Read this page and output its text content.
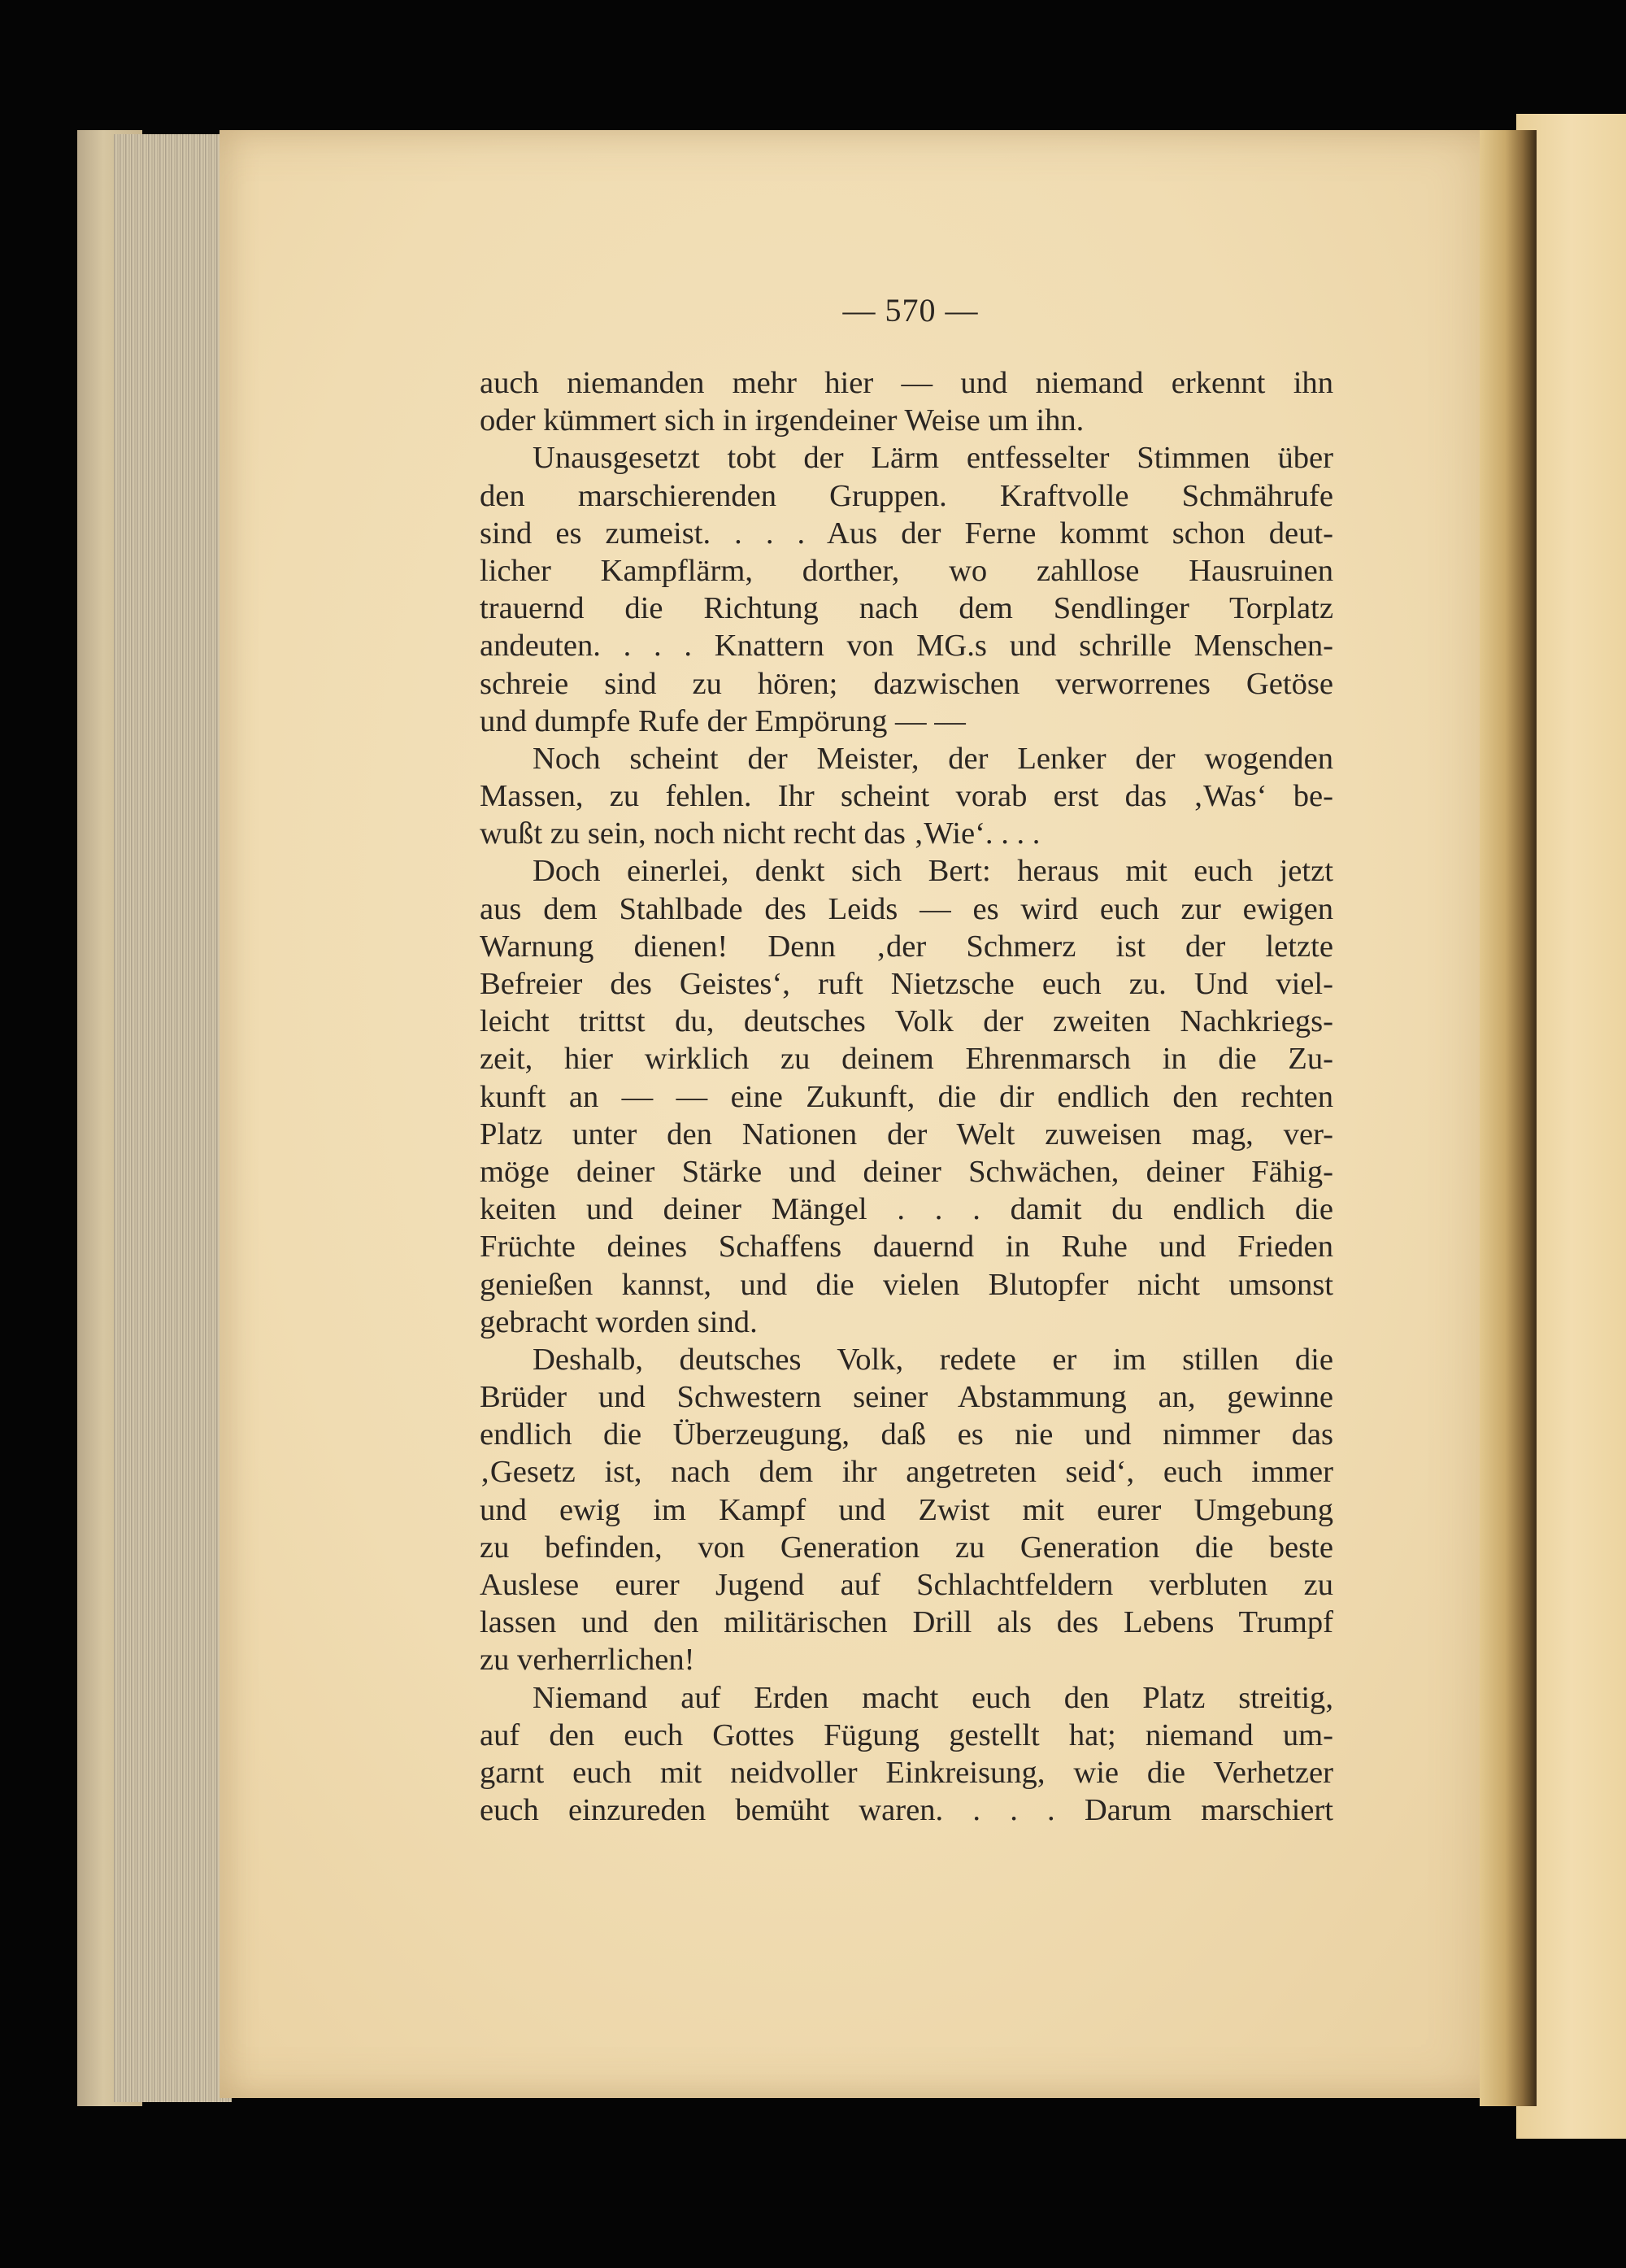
— 570 —
auch niemanden mehr hier — und niemand erkennt ihn
oder kümmert sich in irgendeiner Weise um ihn.
Unausgesetzt tobt der Lärm entfesselter Stimmen über
den marschierenden Gruppen. Kraftvolle Schmährufe
sind es zumeist. . . . Aus der Ferne kommt schon deut-
licher Kampflärm, dorther, wo zahllose Hausruinen
trauernd die Richtung nach dem Sendlinger Torplatz
andeuten. . . . Knattern von MG.s und schrille Menschen-
schreie sind zu hören; dazwischen verworrenes Getöse
und dumpfe Rufe der Empörung — —
Noch scheint der Meister, der Lenker der wogenden
Massen, zu fehlen. Ihr scheint vorab erst das ‚Was‘ be-
wußt zu sein, noch nicht recht das ‚Wie‘. . . .
Doch einerlei, denkt sich Bert: heraus mit euch jetzt
aus dem Stahlbade des Leids — es wird euch zur ewigen
Warnung dienen! Denn ‚der Schmerz ist der letzte
Befreier des Geistes‘, ruft Nietzsche euch zu. Und viel-
leicht trittst du, deutsches Volk der zweiten Nachkriegs-
zeit, hier wirklich zu deinem Ehrenmarsch in die Zu-
kunft an — — eine Zukunft, die dir endlich den rechten
Platz unter den Nationen der Welt zuweisen mag, ver-
möge deiner Stärke und deiner Schwächen, deiner Fähig-
keiten und deiner Mängel . . . damit du endlich die
Früchte deines Schaffens dauernd in Ruhe und Frieden
genießen kannst, und die vielen Blutopfer nicht umsonst
gebracht worden sind.
Deshalb, deutsches Volk, redete er im stillen die
Brüder und Schwestern seiner Abstammung an, gewinne
endlich die Überzeugung, daß es nie und nimmer das
‚Gesetz ist, nach dem ihr angetreten seid‘, euch immer
und ewig im Kampf und Zwist mit eurer Umgebung
zu befinden, von Generation zu Generation die beste
Auslese eurer Jugend auf Schlachtfeldern verbluten zu
lassen und den militärischen Drill als des Lebens Trumpf
zu verherrlichen!
Niemand auf Erden macht euch den Platz streitig,
auf den euch Gottes Fügung gestellt hat; niemand um-
garnt euch mit neidvoller Einkreisung, wie die Verhetzer
euch einzureden bemüht waren. . . . Darum marschiert
